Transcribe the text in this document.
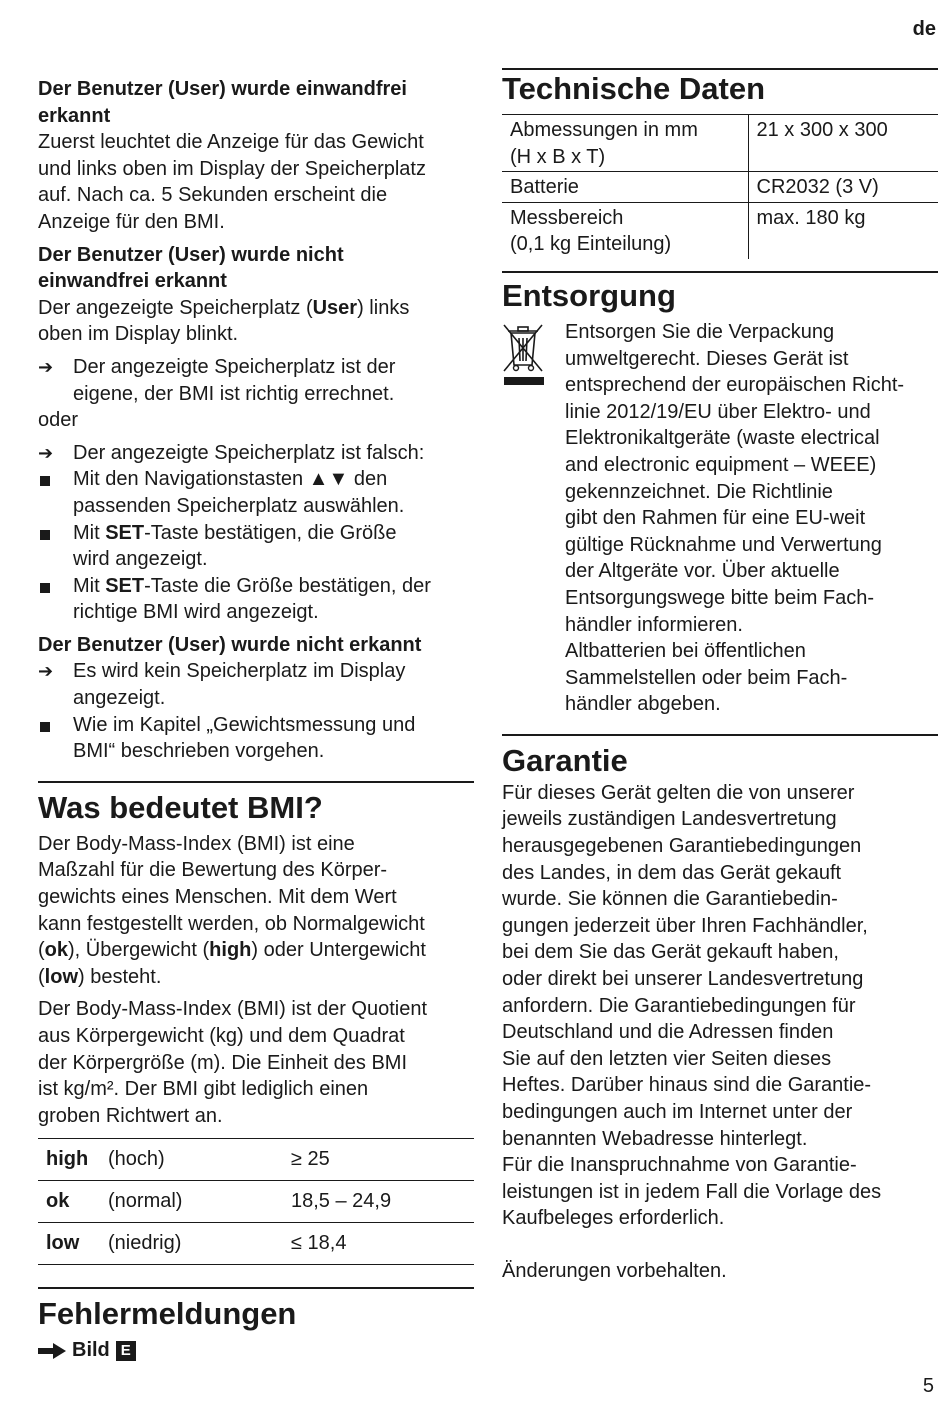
de
Der Benutzer (User) wurde einwandfrei
erkannt

Zuerst leuchtet die Anzeige für das Gewicht
und links oben im Display der Speicherplatz
auf. Nach ca. 5 Sekunden erscheint die
Anzeige für den BMI.

Der Benutzer (User) wurde nicht
einwandfrei erkannt

Der angezeigte Speicherplatz (User) links
oben im Display blinkt.

➔ Der angezeigte Speicherplatz ist der
eigene, der BMI ist richtig errechnet.

oder

➔ Der angezeigte Speicherplatz ist falsch:
Mit den Navigationstasten ▲▼ den
passenden Speicherplatz auswählen.
Mit SET-Taste bestätigen, die Größe
wird angezeigt.
Mit SET-Taste die Größe bestätigen, der
richtige BMI wird angezeigt.
Der Benutzer (User) wurde nicht erkannt
➔ Es wird kein Speicherplatz im Display
angezeigt.
Wie im Kapitel „Gewichtsmessung und
BMI“ beschrieben vorgehen.
Was bedeutet BMI?

Der Body-Mass-Index (BMI) ist eine
Maßzahl für die Bewertung des Körper-
gewichts eines Menschen. Mit dem Wert
kann festgestellt werden, ob Normalgewicht
(ok), Übergewicht (high) oder Untergewicht
(low) besteht.

Der Body-Mass-Index (BMI) ist der Quotient
aus Körpergewicht (kg) und dem Quadrat
der Körpergröße (m). Die Einheit des BMI
ist kg/m². Der BMI gibt lediglich einen
groben Richtwert an.

high	(hoch)	≥ 25
ok	(normal)	18,5 – 24,9
low	(niedrig)	≤ 18,4
Fehlermeldungen
Bild E
Technische Daten
Abmessungen in mm
(H x B x T)	21 x 300 x 300
Batterie	CR2032 (3 V)
Messbereich
(0,1 kg Einteilung)	max. 180 kg
Entsorgung

Entsorgen Sie die Verpackung
umweltgerecht. Dieses Gerät ist
entsprechend der europäischen Richt-
linie 2012/19/EU über Elektro- und
Elektronikaltgeräte (waste electrical
and electronic equipment – WEEE)
gekennzeichnet. Die Richtlinie
gibt den Rahmen für eine EU-weit
gültige Rücknahme und Verwertung
der Altgeräte vor. Über aktuelle
Entsorgungswege bitte beim Fach-
händler informieren.
Altbatterien bei öffentlichen
Sammelstellen oder beim Fach-
händler abgeben.

Garantie

Für dieses Gerät gelten die von unserer
jeweils zuständigen Landesvertretung
herausgegebenen Garantiebedingungen
des Landes, in dem das Gerät gekauft
wurde. Sie können die Garantiebedin-
gungen jederzeit über Ihren Fachhändler,
bei dem Sie das Gerät gekauft haben,
oder direkt bei unserer Landesvertretung
anfordern. Die Garantiebedingungen für
Deutschland und die Adressen finden
Sie auf den letzten vier Seiten dieses
Heftes. Darüber hinaus sind die Garantie-
bedingungen auch im Internet unter der
benannten Webadresse hinterlegt.
Für die Inanspruchnahme von Garantie-
leistungen ist in jedem Fall die Vorlage des
Kaufbeleges erforderlich.

Änderungen vorbehalten.

5
